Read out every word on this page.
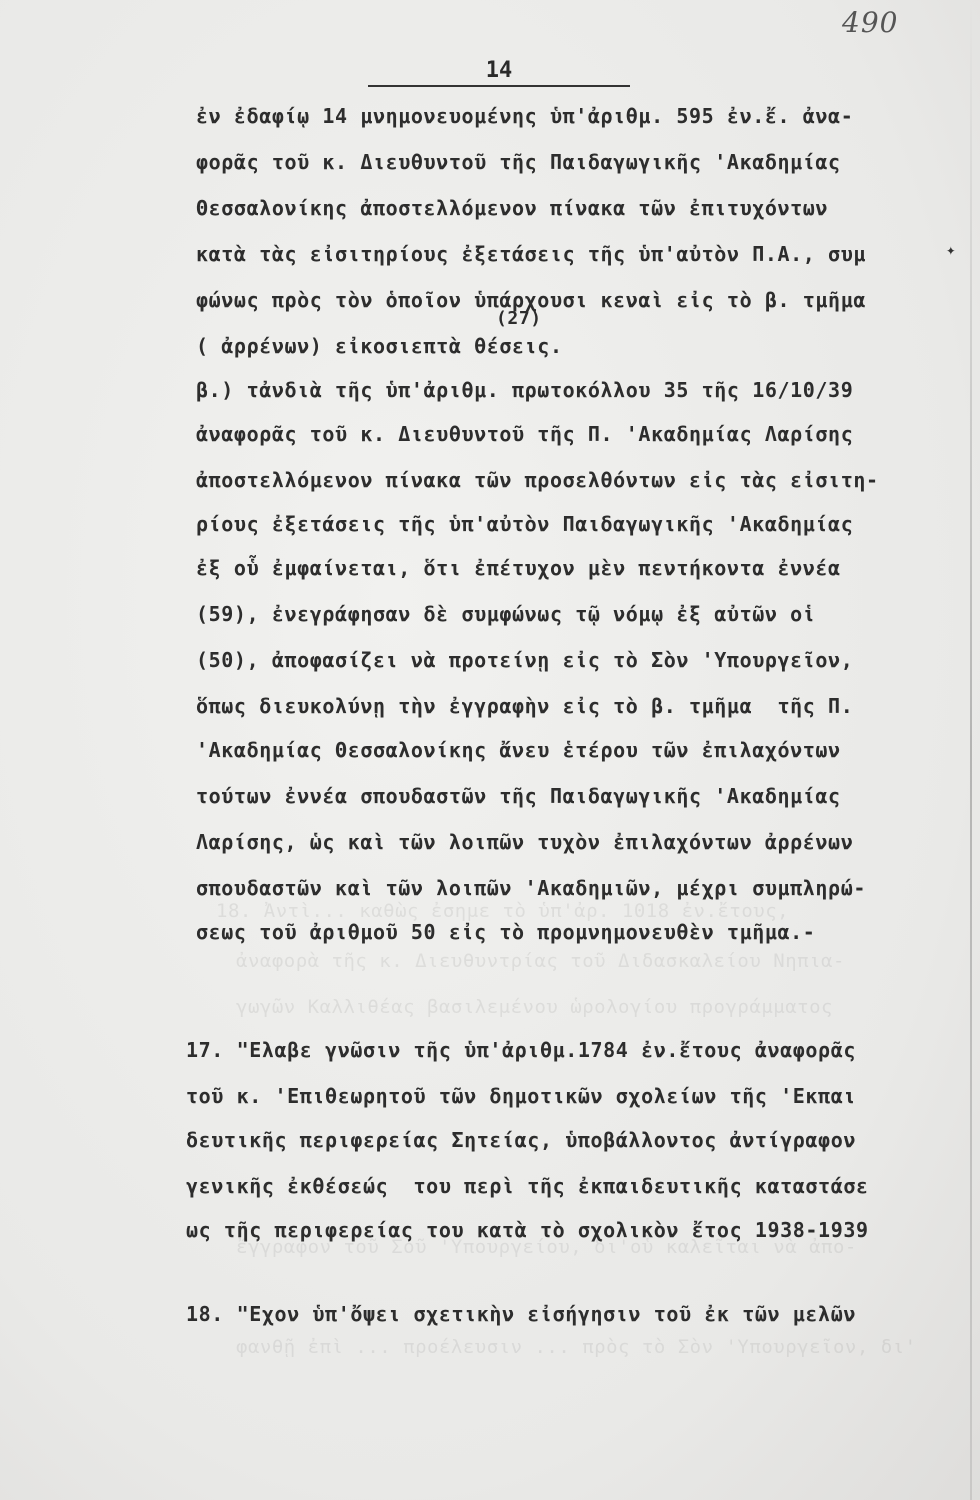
18. Ἀντὶ... καθὼς ἐσημε τὸ ὑπ'ἀρ. 1018 ἐν.ἔτους,
ἀναφορὰ τῆς κ. Διευθυντρίας τοῦ Διδασκαλείου Νηπια-
γωγῶν Καλλιθέας βασιλεμένου ὡρολογίου προγράμματος
ἔγγραφον τοῦ Σοῦ 'Υπουργείου, δι'οὗ καλεῖται νὰ ἀπο-
φανθῇ ἐπὶ ... προέλευσιν ... πρὸς τὸ Σὸν 'Υπουργεῖον, δι'
490
14
ἐν ἐδαφίῳ 14 μνημονευομένης ὑπ'ἀριθμ. 595 ἐν.ἔ. ἀνα-
φορᾶς τοῦ κ. Διευθυντοῦ τῆς Παιδαγωγικῆς 'Ακαδημίας
Θεσσαλονίκης ἀποστελλόμενον πίνακα τῶν ἐπιτυχόντων
κατὰ τὰς εἰσιτηρίους ἐξετάσεις τῆς ὑπ'αὐτὸν Π.Α., συμ	✦
φώνως πρὸς τὸν ὁποῖον ὑπάρχουσι κεναὶ εἰς τὸ β. τμῆμα
(27)
( ἀρρένων) εἰκοσιεπτὰ θέσεις.
β.) τἀνδιὰ τῆς ὑπ'ἀριθμ. πρωτοκόλλου 35 τῆς 16/10/39
ἀναφορᾶς τοῦ κ. Διευθυντοῦ τῆς Π. 'Ακαδημίας Λαρίσης
ἀποστελλόμενον πίνακα τῶν προσελθόντων εἰς τὰς εἰσιτη-
ρίους ἐξετάσεις τῆς ὑπ'αὐτὸν Παιδαγωγικῆς 'Ακαδημίας
ἐξ οὗ ἐμφαίνεται, ὅτι ἐπέτυχον μὲν πεντήκοντα ἐννέα
(59), ἐνεγράφησαν δὲ συμφώνως τῷ νόμῳ ἐξ αὐτῶν οἱ
(50), ἀποφασίζει νὰ προτείνῃ εἰς τὸ Σὸν 'Υπουργεῖον,
ὅπως διευκολύνῃ τὴν ἐγγραφὴν εἰς τὸ β. τμῆμα  τῆς Π.
'Ακαδημίας Θεσσαλονίκης ἄνευ ἑτέρου τῶν ἐπιλαχόντων
τούτων ἐννέα σπουδαστῶν τῆς Παιδαγωγικῆς 'Ακαδημίας
Λαρίσης, ὡς καὶ τῶν λοιπῶν τυχὸν ἐπιλαχόντων ἀρρένων
σπουδαστῶν καὶ τῶν λοιπῶν 'Ακαδημιῶν, μέχρι συμπληρώ-
σεως τοῦ ἀριθμοῦ 50 εἰς τὸ προμνημονευθὲν τμῆμα.-
17. "Ελαβε γνῶσιν τῆς ὑπ'ἀριθμ.1784 ἐν.ἔτους ἀναφορᾶς
τοῦ κ. 'Επιθεωρητοῦ τῶν δημοτικῶν σχολείων τῆς 'Εκπαι
δευτικῆς περιφερείας Σητείας, ὑποβάλλοντος ἀντίγραφον
γενικῆς ἐκθέσεώς  του περὶ τῆς ἐκπαιδευτικῆς καταστάσε
ως τῆς περιφερείας του κατὰ τὸ σχολικὸν ἔτος 1938-1939
18. "Εχον ὑπ'ὄψει σχετικὴν εἰσήγησιν τοῦ ἐκ τῶν μελῶν
